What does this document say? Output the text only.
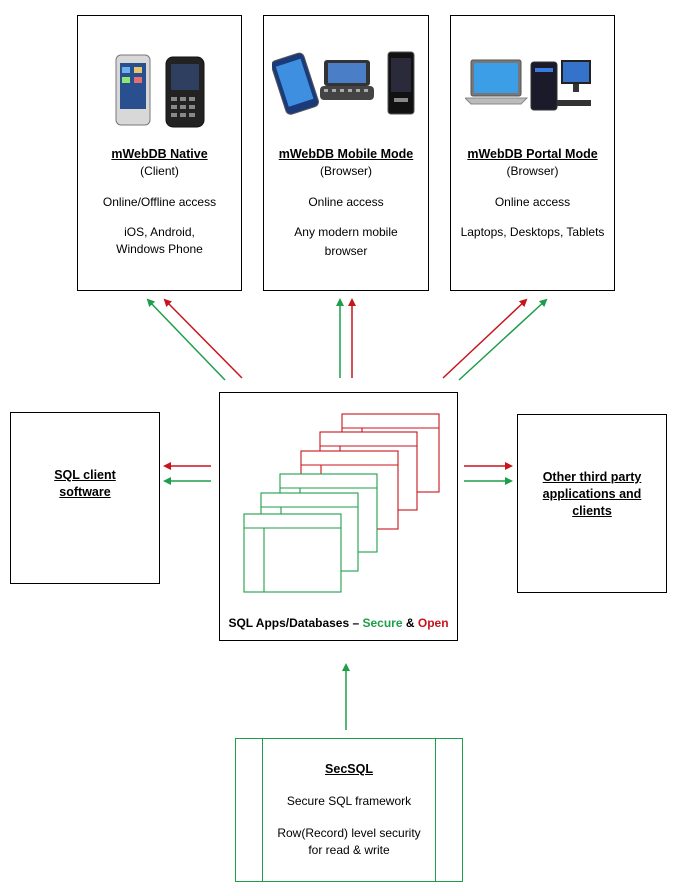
mWebDB Native
(Client)
Online/Offline access
iOS, Android,
Windows Phone
mWebDB Mobile Mode
(Browser)
Online access
Any modern mobile
browser
mWebDB Portal Mode
(Browser)
Online access
Laptops, Desktops, Tablets
SQL client
software
Other third party
applications and
clients
SQL Apps/Databases – Secure & Open
SecSQL
Secure SQL framework
Row(Record) level security
for read & write
